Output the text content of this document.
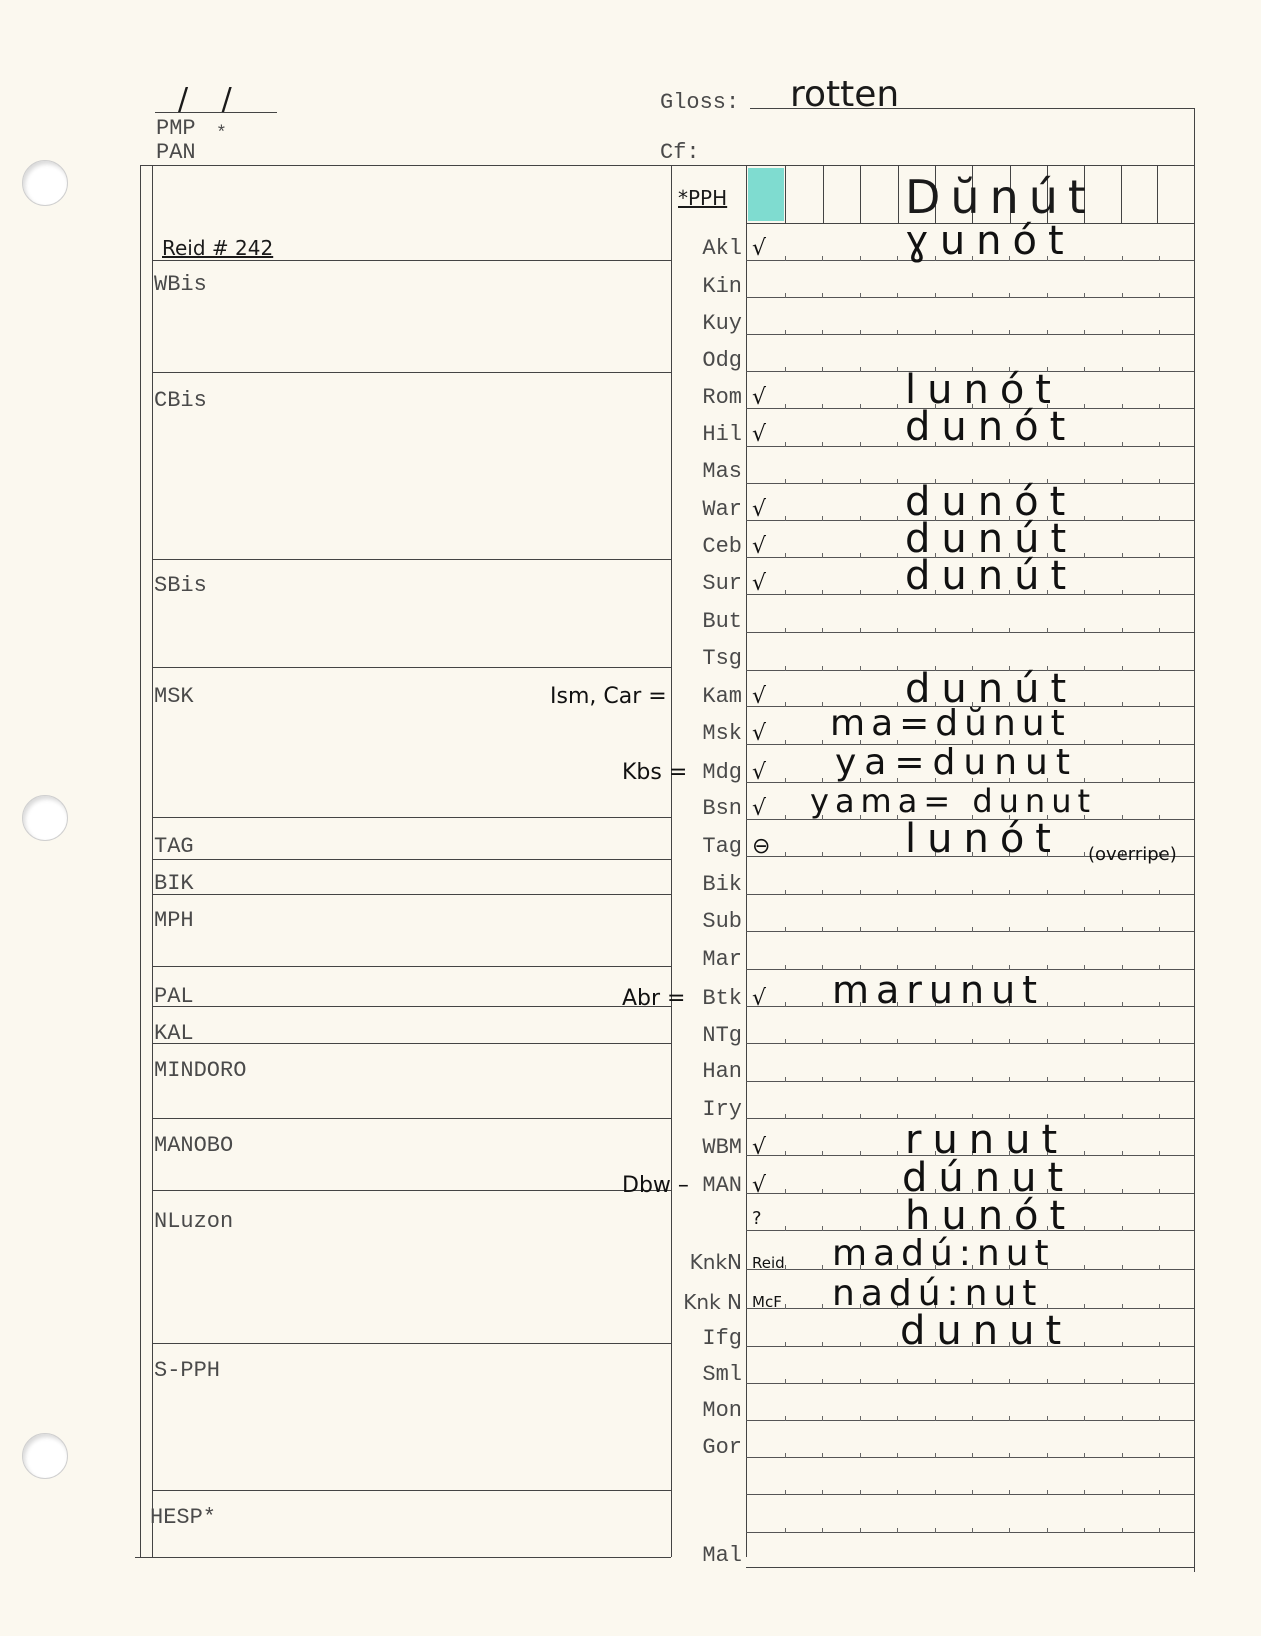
/ /
PMP *
PAN
Gloss: rotten
Cf:
*PPH	Dŭnút
Reid # 242
WBis
CBis
SBis
MSK
TAG
BIK
MPH
PAL
KAL
MINDORO
MANOBO
NLuzon
S-PPH
HESP*
Akl √	ɣunót
Kin
Kuy
Odg
Rom √	lunót
Hil √	dunót
Mas
War √	dunót
Ceb √	dunút
Sur √	dunút
But
Tsg
Ism, Car =	Kam √	dunút
Msk √ ma=dŭnut
Kbs = Mdg √ ya=dunut
Bsn √ yama= dunut
Tag ⊖	lunót (overripe)
Bik
Sub
Mar
Abr = Btk √ marunut
NTg
Han
Iry
WBM √	runut
Dbw – MAN √	dúnut
?	hunót
KnkN Reid madú:nut
Knk N McF nadú:nut
Ifg	dunut
Sml
Mon
Gor
Mal
